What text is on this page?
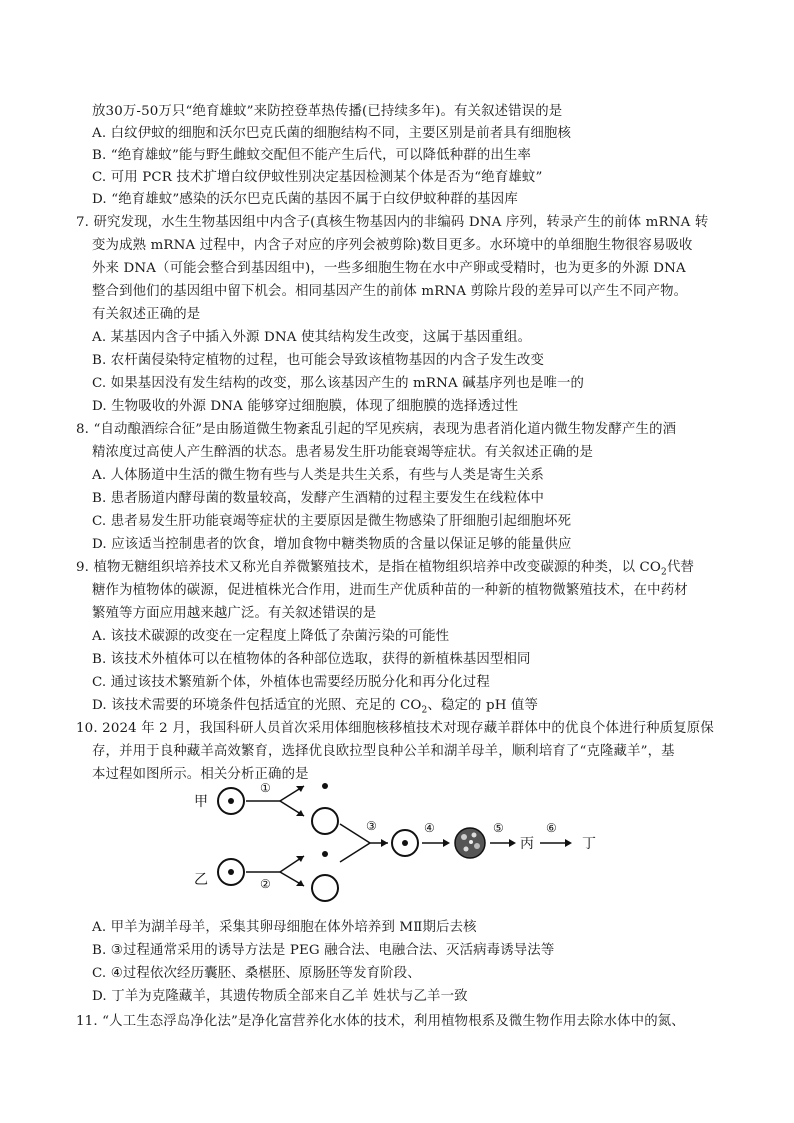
放30万-50万只“绝育雄蚊”来防控登革热传播(已持续多年)。有关叙述错误的是
A. 白纹伊蚊的细胞和沃尔巴克氏菌的细胞结构不同，主要区别是前者具有细胞核
B. “绝育雄蚊”能与野生雌蚊交配但不能产生后代，可以降低种群的出生率
C. 可用 PCR 技术扩增白纹伊蚊性别决定基因检测某个体是否为“绝育雄蚊”
D. “绝育雄蚊”感染的沃尔巴克氏菌的基因不属于白纹伊蚊种群的基因库
7. 研究发现，水生生物基因组中内含子(真核生物基因内的非编码 DNA 序列，转录产生的前体 mRNA 转
变为成熟 mRNA 过程中，内含子对应的序列会被剪除)数目更多。水环境中的单细胞生物很容易吸收
外来 DNA（可能会整合到基因组中)，一些多细胞生物在水中产卵或受精时，也为更多的外源 DNA
整合到他们的基因组中留下机会。相同基因产生的前体 mRNA 剪除片段的差异可以产生不同产物。
有关叙述正确的是
A. 某基因内含子中插入外源 DNA 使其结构发生改变，这属于基因重组。
B. 农杆菌侵染特定植物的过程，也可能会导致该植物基因的内含子发生改变
C. 如果基因没有发生结构的改变，那么该基因产生的 mRNA 碱基序列也是唯一的
D. 生物吸收的外源 DNA 能够穿过细胞膜，体现了细胞膜的选择透过性
8. “自动酿酒综合征”是由肠道微生物紊乱引起的罕见疾病，表现为患者消化道内微生物发酵产生的酒
精浓度过高使人产生醉酒的状态。患者易发生肝功能衰竭等症状。有关叙述正确的是
A. 人体肠道中生活的微生物有些与人类是共生关系，有些与人类是寄生关系
B. 患者肠道内酵母菌的数量较高，发酵产生酒精的过程主要发生在线粒体中
C. 患者易发生肝功能衰竭等症状的主要原因是微生物感染了肝细胞引起细胞坏死
D. 应该适当控制患者的饮食，增加食物中糖类物质的含量以保证足够的能量供应
9. 植物无糖组织培养技术又称光自养微繁殖技术，是指在植物组织培养中改变碳源的种类，以 $CO_2$代替
糖作为植物体的碳源，促进植株光合作用，进而生产优质种苗的一种新的植物微繁殖技术，在中药材
繁殖等方面应用越来越广泛。有关叙述错误的是
A. 该技术碳源的改变在一定程度上降低了杂菌污染的可能性
B. 该技术外植体可以在植物体的各种部位选取，获得的新植株基因型相同
C. 通过该技术繁殖新个体，外植体也需要经历脱分化和再分化过程
D. 该技术需要的环境条件包括适宜的光照、充足的 $CO_2$、稳定的 pH 值等
10. 2024 年 2 月，我国科研人员首次采用体细胞核移植技术对现存藏羊群体中的优良个体进行种质复原保
存，并用于良种藏羊高效繁育，选择优良欧拉型良种公羊和湖羊母羊，顺利培育了“克隆藏羊”，基
本过程如图所示。相关分析正确的是
甲
①
乙	②
③	④	⑤
丙
⑥
丁
A. 甲羊为湖羊母羊，采集其卵母细胞在体外培养到 MⅡ期后去核
B. ③过程通常采用的诱导方法是 PEG 融合法、电融合法、灭活病毒诱导法等
C. ④过程依次经历囊胚、桑椹胚、原肠胚等发育阶段、
D. 丁羊为克隆藏羊，其遗传物质全部来自乙羊 姓状与乙羊一致
11. “人工生态浮岛净化法”是净化富营养化水体的技术，利用植物根系及微生物作用去除水体中的氮、
